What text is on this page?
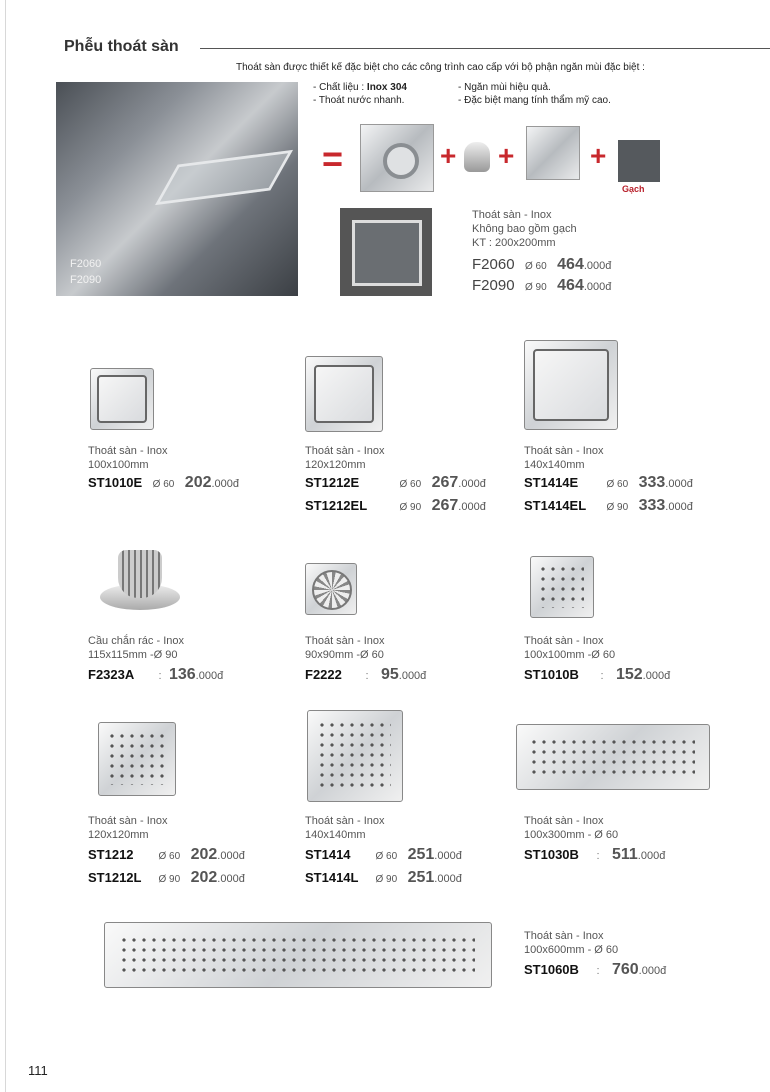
Phễu thoát sàn
Thoát sàn được thiết kế đặc biệt cho các công trình cao cấp với bộ phận ngăn mùi đặc biệt :
- Chất liệu : Inox 304
- Thoát nước nhanh.
- Ngăn mùi hiệu quả.
- Đặc biệt mang tính thẩm mỹ cao.
F2060
F2090
=	+ +	+
Gạch
Thoát sàn - Inox
Không bao gồm gạch
KT : 200x200mm
F2060 Ø 60 464.000đ
F2090 Ø 90 464.000đ
Thoát sàn - Inox
100x100mm
ST1010E Ø 60 202.000đ
Thoát sàn - Inox
120x120mm
ST1212E	Ø 60 267.000đ
ST1212EL	Ø 90 267.000đ
Thoát sàn - Inox
140x140mm
ST1414E	Ø 60 333.000đ
ST1414EL Ø 90 333.000đ
Cầu chắn rác - Inox
115x115mm -Ø 90
F2323A : 136.000đ
Thoát sàn - Inox
90x90mm -Ø 60
F2222 : 95.000đ
Thoát sàn - Inox
100x100mm -Ø 60
ST1010B : 152.000đ
Thoát sàn - Inox
120x120mm
ST1212 Ø 60 202.000đ
ST1212L Ø 90 202.000đ
Thoát sàn - Inox
140x140mm
ST1414 Ø 60 251.000đ
ST1414L Ø 90 251.000đ
Thoát sàn - Inox
100x300mm - Ø 60
ST1030B : 511.000đ
Thoát sàn - Inox
100x600mm - Ø 60
ST1060B : 760.000đ
111
